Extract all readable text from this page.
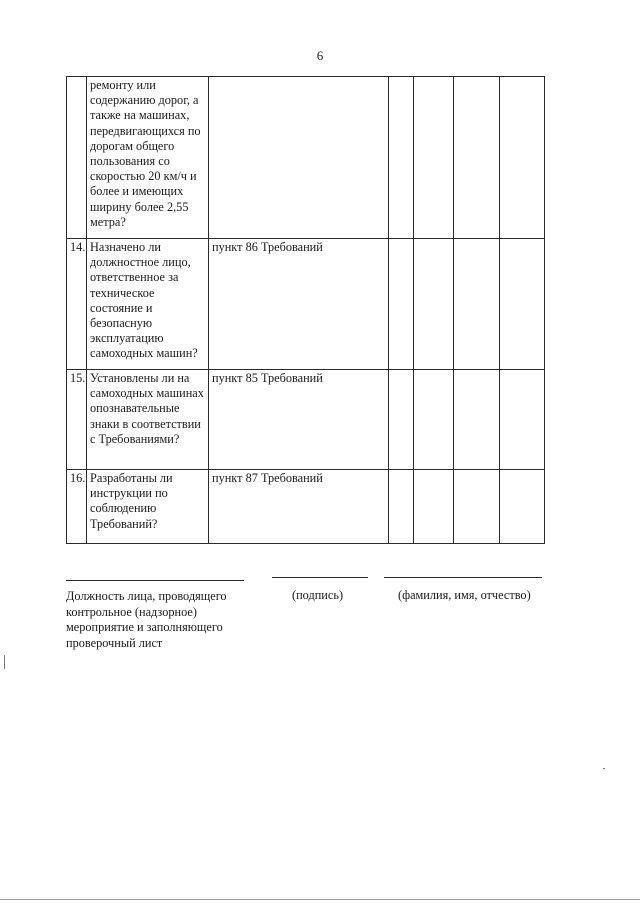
6
	ремонту или содержанию дорог, а также на машинах, передвигающихся по дорогам общего пользования со скоростью 20 км/ч и более и имеющих ширину более 2,55 метра?					
14.	Назначено ли должностное лицо, ответственное за техническое состояние и безопасную эксплуатацию самоходных машин?	пункт 86 Требований				
15.	Установлены ли на самоходных машинах опознавательные знаки в соответствии с Требованиями?	пункт 85 Требований				
16.	Разработаны ли инструкции по соблюдению Требований?	пункт 87 Требований				
Должность лица, проводящего контрольное (надзорное) мероприятие и заполняющего проверочный лист
(подпись)	(фамилия, имя, отчество)
